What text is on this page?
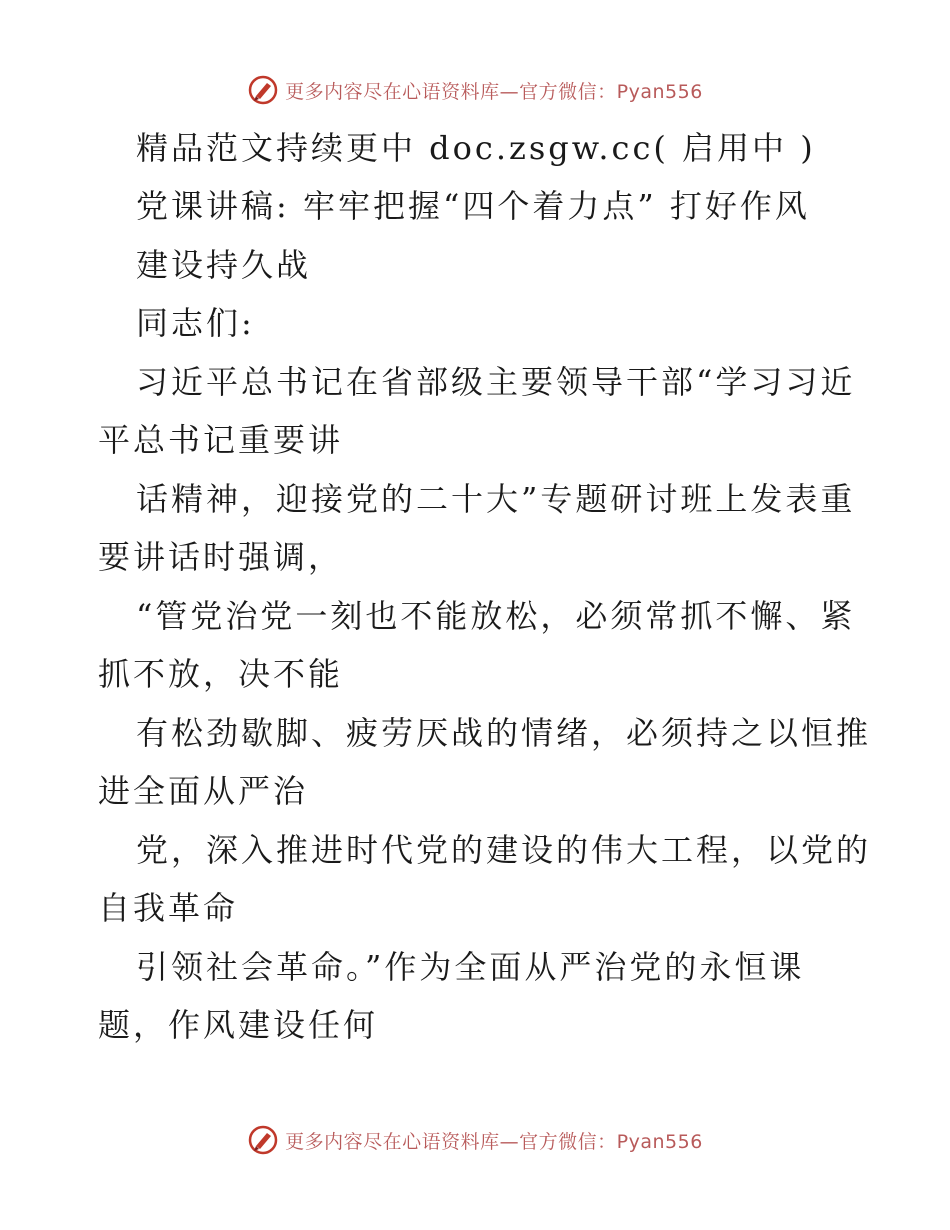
更多内容尽在心语资料库—官方微信：Pyan556
精品范文持续更中 doc.zsgw.cc( 启用中 )
党课讲稿: 牢牢把握“四个着力点” 打好作风
建设持久战
同志们:
习近平总书记在省部级主要领导干部“学习习近
平总书记重要讲
话精神，迎接党的二十大”专题研讨班上发表重
要讲话时强调，
“管党治党一刻也不能放松，必须常抓不懈、紧
抓不放，决不能
有松劲歇脚、疲劳厌战的情绪，必须持之以恒推
进全面从严治
党，深入推进时代党的建设的伟大工程，以党的
自我革命
引领社会革命。”作为全面从严治党的永恒课
题，作风建设任何
更多内容尽在心语资料库—官方微信：Pyan556
